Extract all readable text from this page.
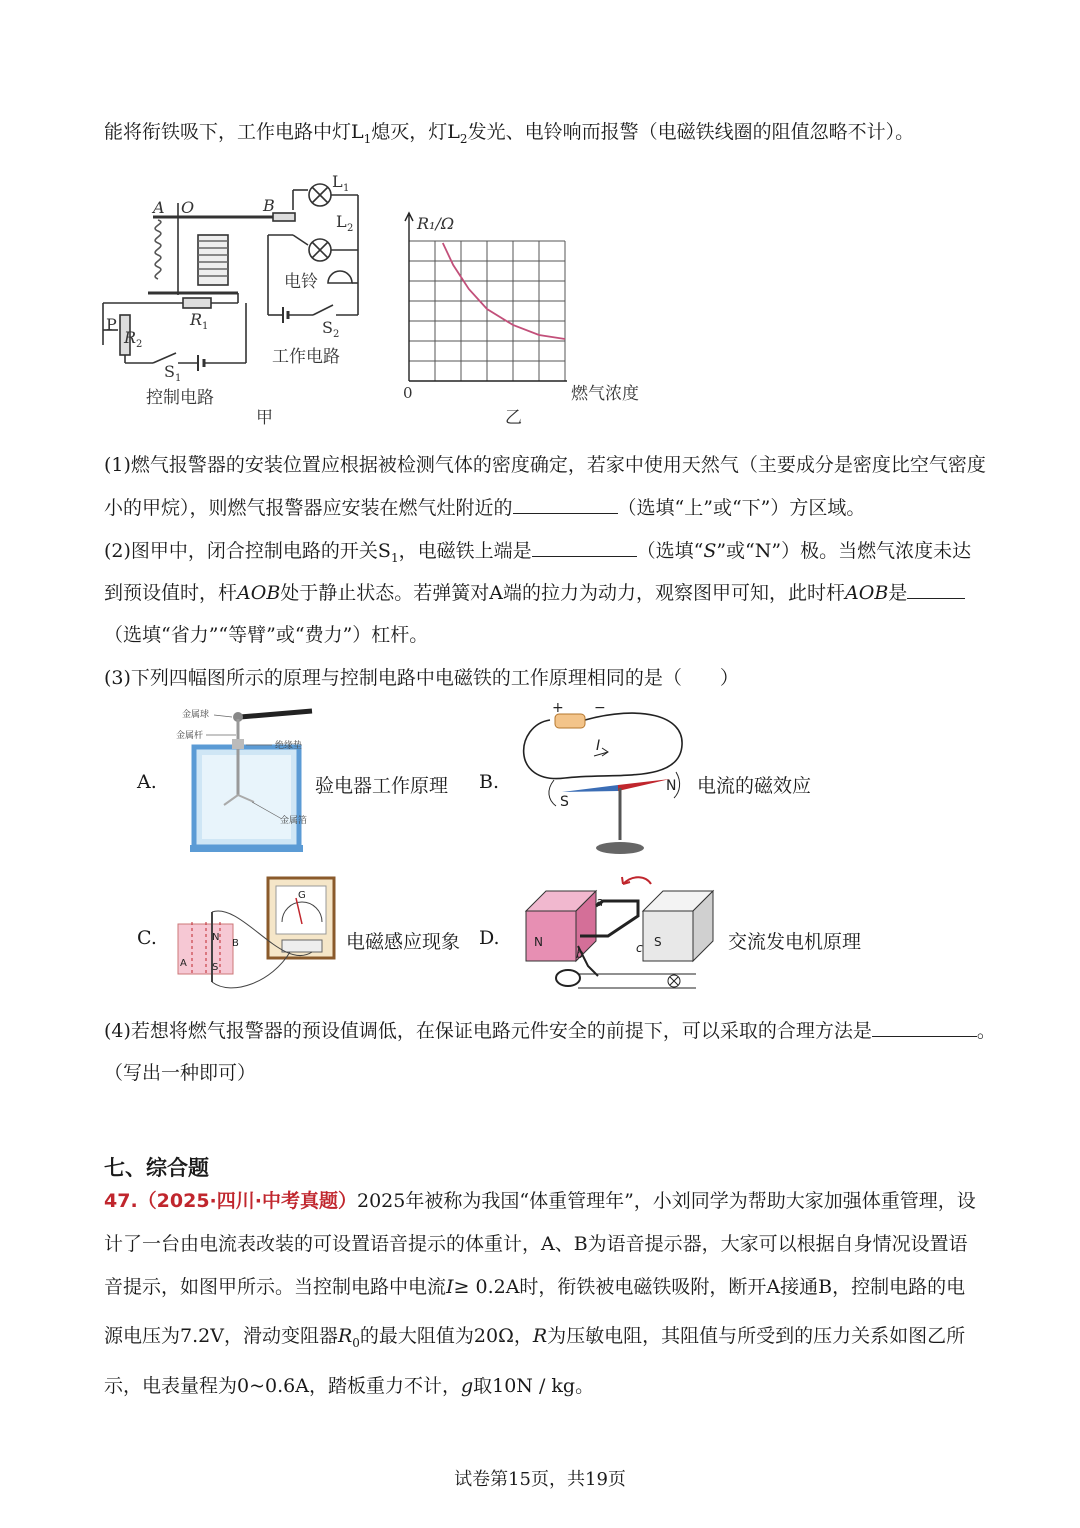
能将衔铁吸下，工作电路中灯$L_1$熄灭，灯$L_2$发光、电铃响而报警（电磁铁线圈的阻值忽略不计）。
A O	B
R
R
2
1
L 1
L 2
P
S 1
S 2
电铃
工作电路
控制电路
甲
R₁/Ω
0	燃气浓度
乙
(1)燃气报警器的安装位置应根据被检测气体的密度确定，若家中使用天然气（主要成分是密度比空气密度
小的甲烷），则燃气报警器应安装在燃气灶附近的	（选填“上”或“下”）方区域。
(2)图甲中，闭合控制电路的开关$S_1$，电磁铁上端是	（选填“S”或“N”）极。当燃气浓度未达
到预设值时，杆AOB处于静止状态。若弹簧对A端的拉力为动力，观察图甲可知，此时杆AOB是
（选填“省力”“等臂”或“费力”）杠杆。
(3)下列四幅图所示的原理与控制电路中电磁铁的工作原理相同的是（　　）
A.
金属球
金属杆
绝缘垫
金属箔
验电器工作原理 B.
+ −
I
S
N 电流的磁效应
C.
A
B
N
S
G
电磁感应现象 D.	N	S
a
b	c	交流发电机原理
(4)若想将燃气报警器的预设值调低，在保证电路元件安全的前提下，可以采取的合理方法是	。
（写出一种即可）
七、综合题
47.（2025·四川·中考真题）2025年被称为我国“体重管理年”，小刘同学为帮助大家加强体重管理，设
计了一台由电流表改装的可设置语音提示的体重计，A、B为语音提示器，大家可以根据自身情况设置语
音提示，如图甲所示。当控制电路中电流I≥ 0.2A时，衔铁被电磁铁吸附，断开A接通B，控制电路的电
源电压为7.2V，滑动变阻器$R_0$的最大阻值为20Ω，R为压敏电阻，其阻值与所受到的压力关系如图乙所
示，电表量程为0~0.6A，踏板重力不计，g取10N / kg。
试卷第15页，共19页
